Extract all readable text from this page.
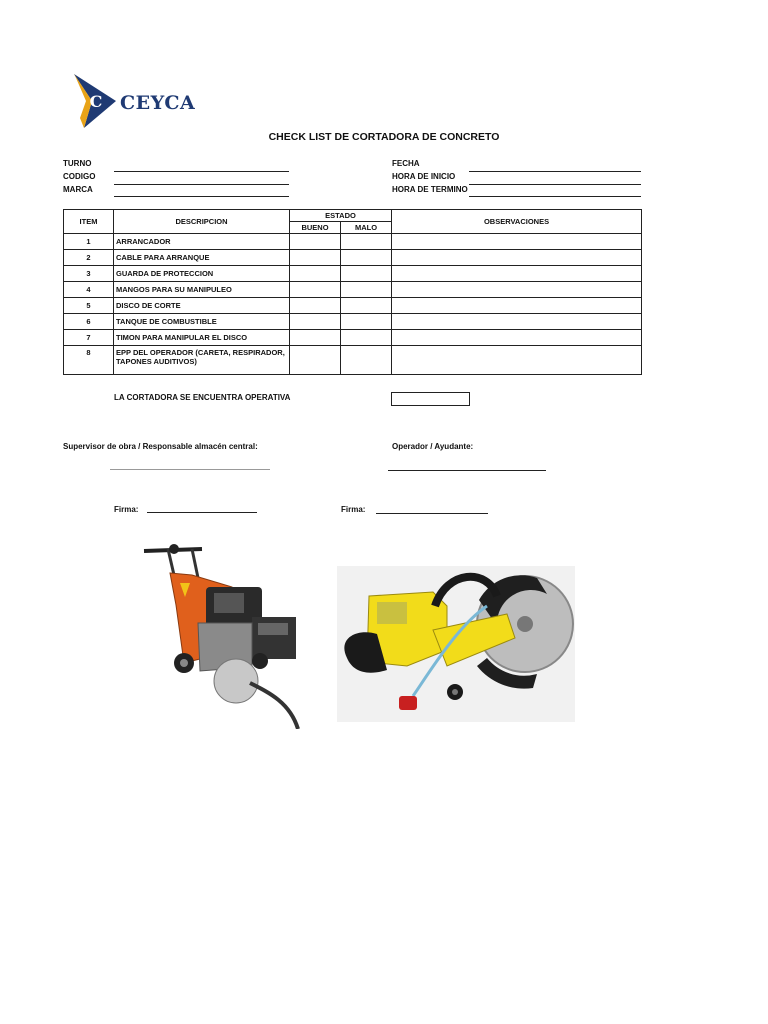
C CEYCA
CHECK LIST DE CORTADORA DE CONCRETO
TURNO
CODIGO
MARCA
FECHA
HORA DE INICIO
HORA DE TERMINO
ITEM	DESCRIPCION	ESTADO		OBSERVACIONES
		BUENO	MALO	
1	ARRANCADOR			
2	CABLE PARA ARRANQUE			
3	GUARDA DE PROTECCION			
4	MANGOS PARA SU MANIPULEO			
5	DISCO DE CORTE			
6	TANQUE DE COMBUSTIBLE			
7	TIMON PARA MANIPULAR EL DISCO			
8	EPP DEL OPERADOR (CARETA, RESPIRADOR, TAPONES AUDITIVOS)			
LA CORTADORA SE ENCUENTRA OPERATIVA
Supervisor de obra / Responsable almacén central:	Operador / Ayudante:
Firma:	Firma:
